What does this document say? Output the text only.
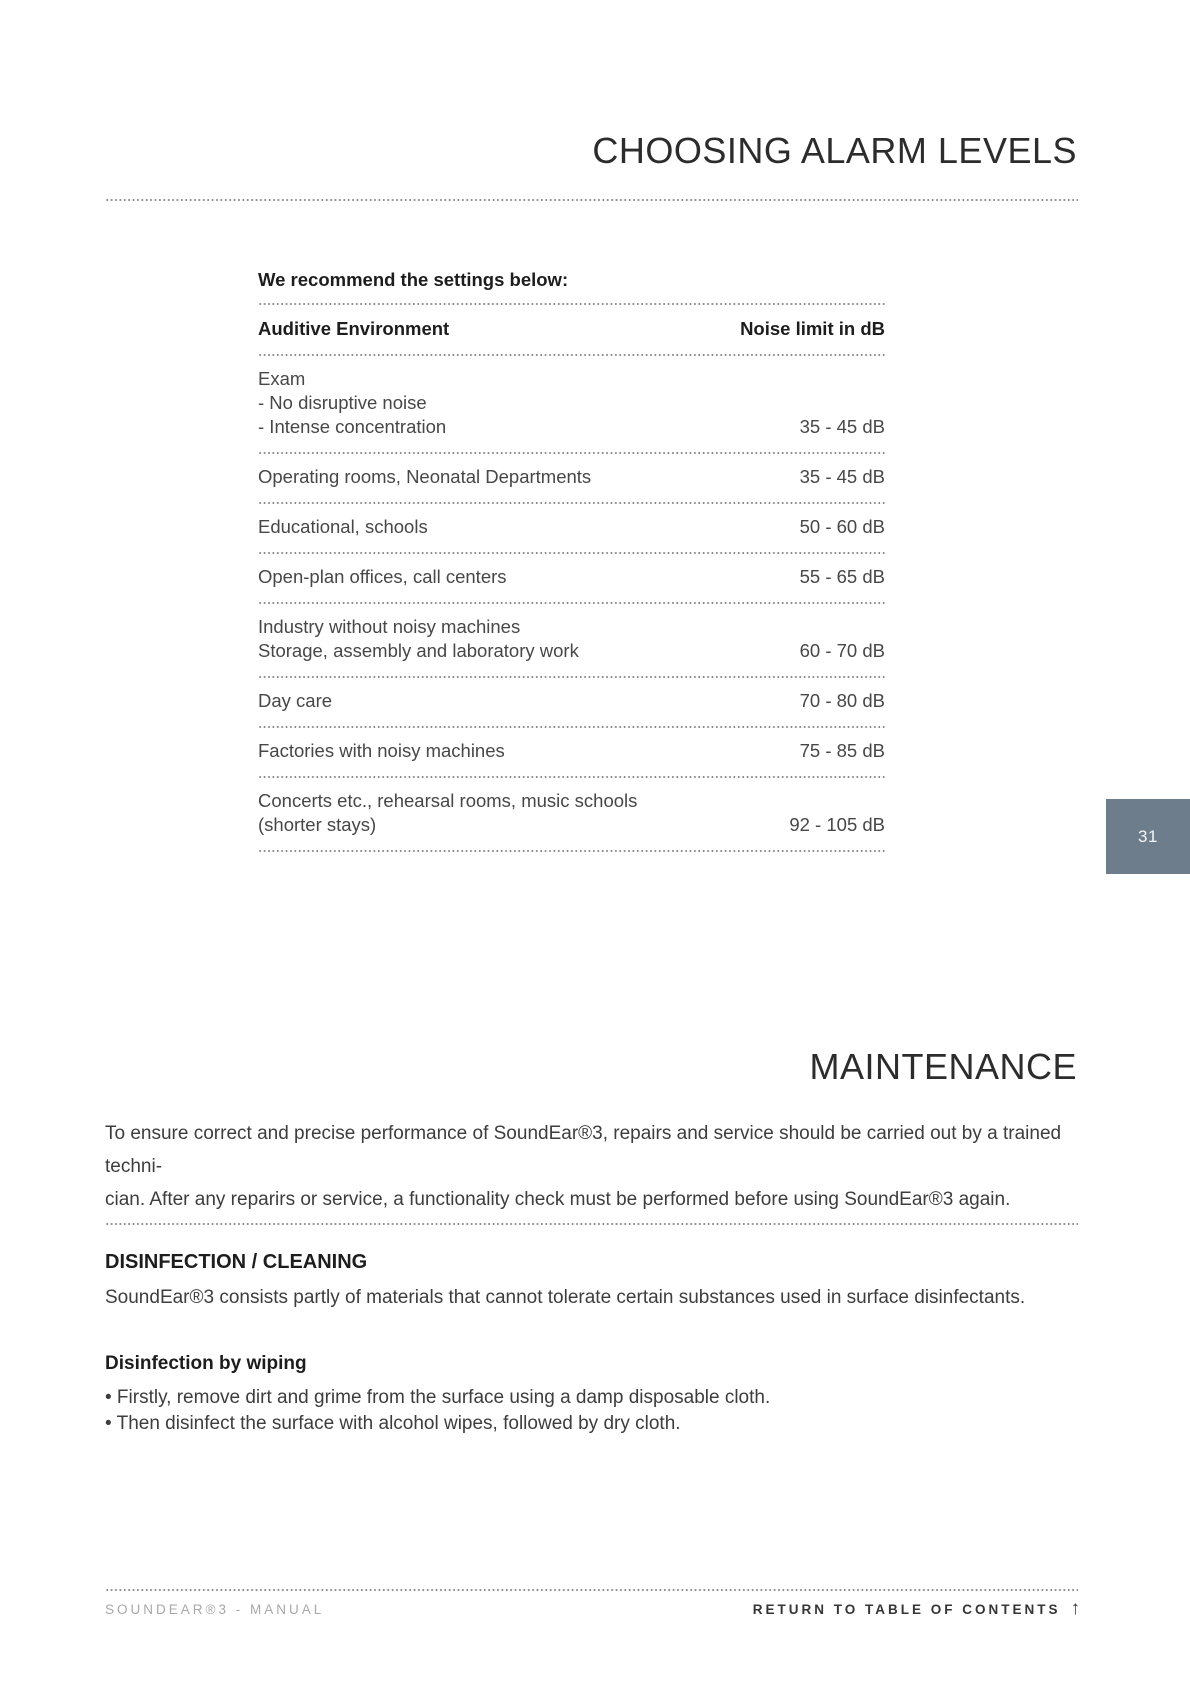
CHOOSING ALARM LEVELS
We recommend the settings below:
Auditive Environment	Noise limit in dB
Exam
- No disruptive noise
- Intense concentration	35 - 45 dB
Operating rooms, Neonatal Departments	35 - 45 dB
Educational, schools	50 - 60 dB
Open-plan offices, call centers	55 - 65 dB
Industry without noisy machines
Storage, assembly and laboratory work	60 - 70 dB
Day care	70 - 80 dB
Factories with noisy machines	75 - 85 dB
Concerts etc., rehearsal rooms, music schools
(shorter stays)	92 - 105 dB
31
MAINTENANCE
To ensure correct and precise performance of SoundEar®3, repairs and service should be carried out by a trained techni-
cian. After any reparirs or service, a functionality check must be performed before using SoundEar®3 again.
DISINFECTION / CLEANING
SoundEar®3 consists partly of materials that cannot tolerate certain substances used in surface disinfectants.
Disinfection by wiping
• Firstly, remove dirt and grime from the surface using a damp disposable cloth.
• Then disinfect the surface with alcohol wipes, followed by dry cloth.
SOUNDEAR®3 - MANUAL	RETURN TO TABLE OF CONTENTS ↑
